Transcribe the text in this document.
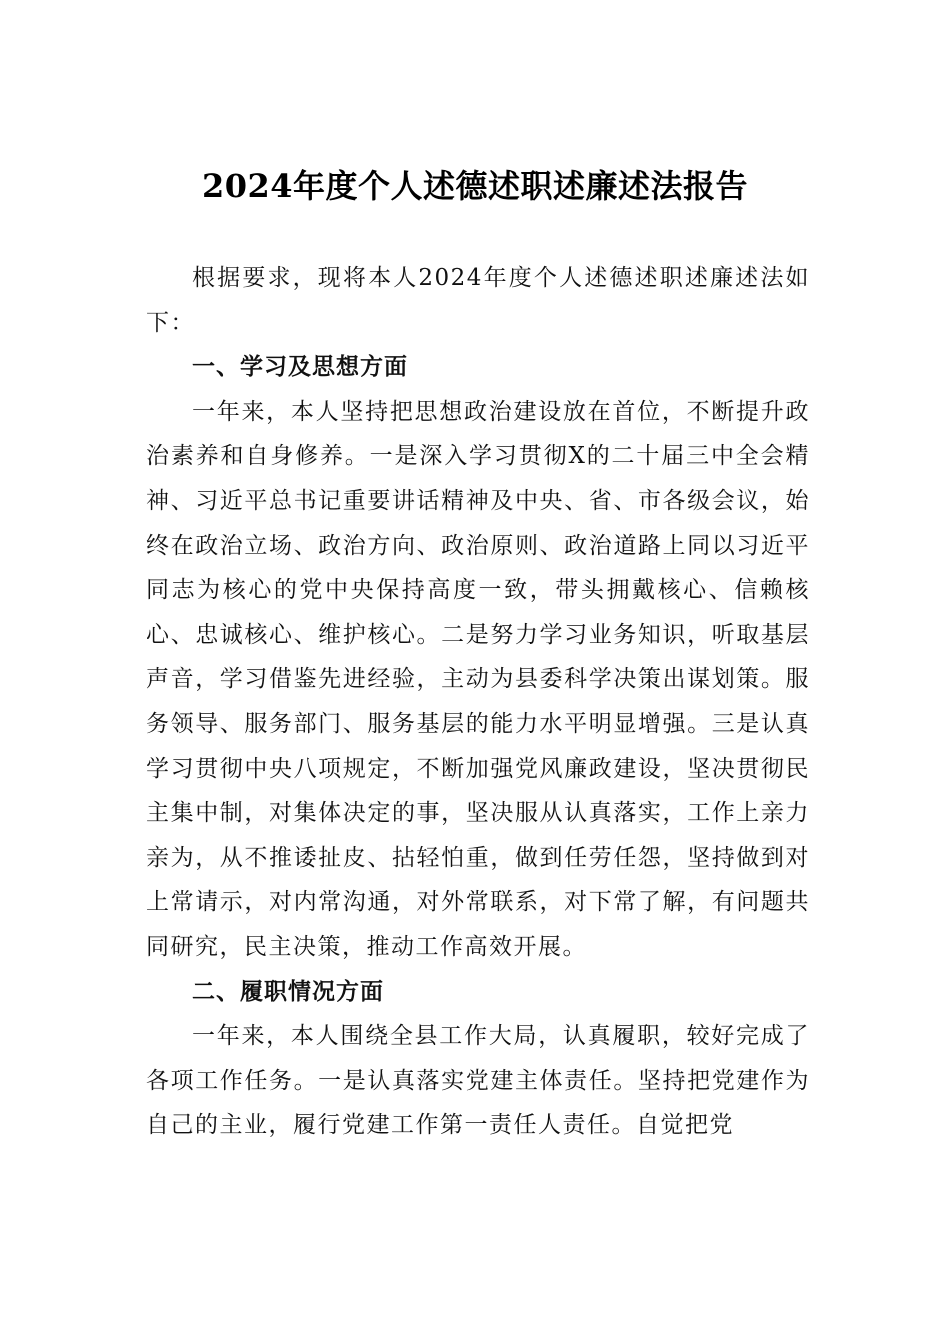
2024年度个人述德述职述廉述法报告

根据要求，现将本人2024年度个人述德述职述廉述法如下：

一、学习及思想方面

一年来，本人坚持把思想政治建设放在首位，不断提升政治素养和自身修养。一是深入学习贯彻X的二十届三中全会精神、习近平总书记重要讲话精神及中央、省、市各级会议，始终在政治立场、政治方向、政治原则、政治道路上同以习近平同志为核心的党中央保持高度一致，带头拥戴核心、信赖核心、忠诚核心、维护核心。二是努力学习业务知识，听取基层声音，学习借鉴先进经验，主动为县委科学决策出谋划策。服务领导、服务部门、服务基层的能力水平明显增强。三是认真学习贯彻中央八项规定，不断加强党风廉政建设，坚决贯彻民主集中制，对集体决定的事，坚决服从认真落实，工作上亲力亲为，从不推诿扯皮、拈轻怕重，做到任劳任怨，坚持做到对上常请示，对内常沟通，对外常联系，对下常了解，有问题共同研究，民主决策，推动工作高效开展。

二、履职情况方面

一年来，本人围绕全县工作大局，认真履职，较好完成了各项工作任务。一是认真落实党建主体责任。坚持把党建作为自己的主业，履行党建工作第一责任人责任。自觉把党
